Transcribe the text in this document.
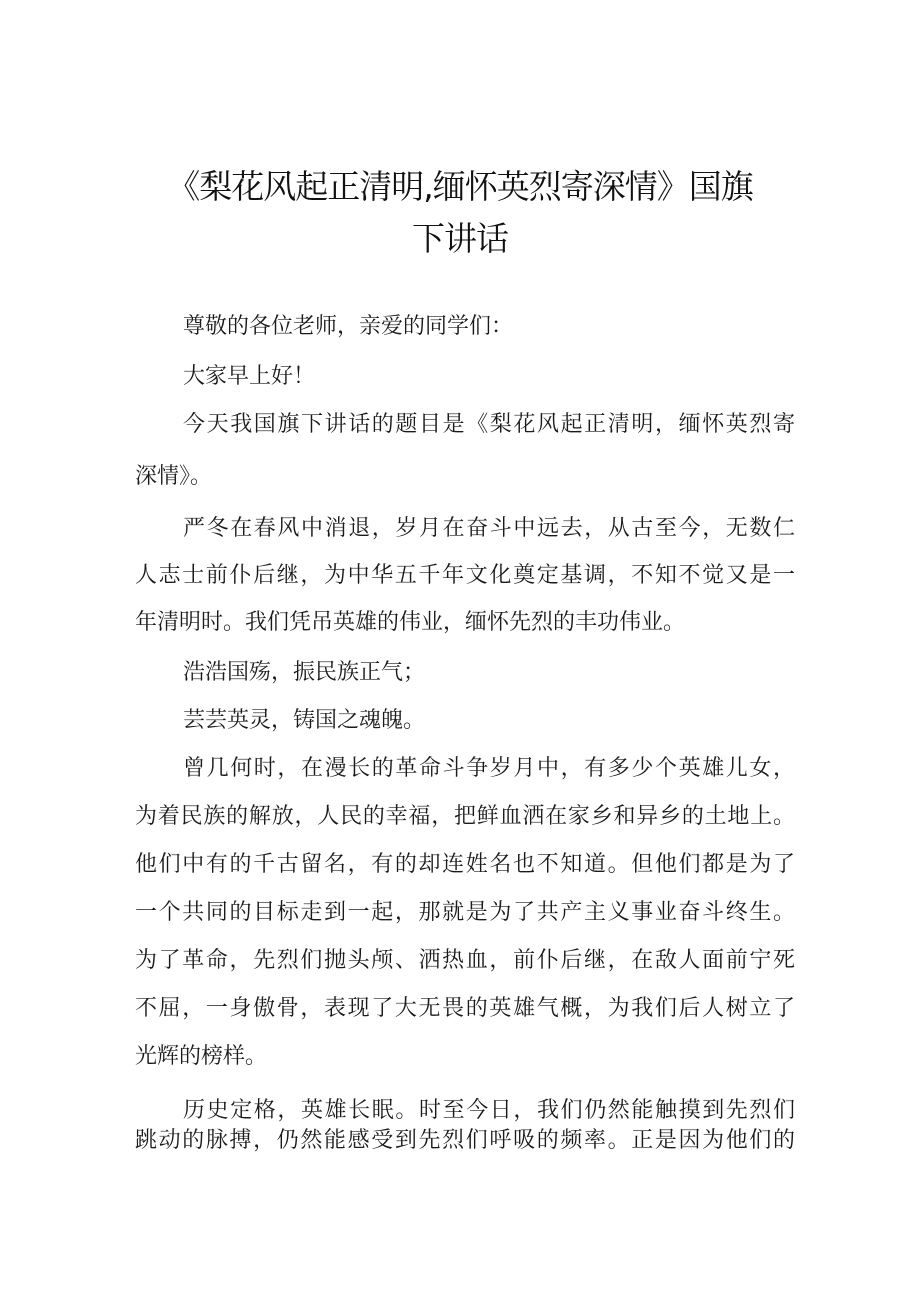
《梨花风起正清明,缅怀英烈寄深情》国旗
下讲话
尊敬的各位老师，亲爱的同学们：
大家早上好！
今天我国旗下讲话的题目是《梨花风起正清明，缅怀英烈寄
深情》。
严冬在春风中消退，岁月在奋斗中远去，从古至今，无数仁
人志士前仆后继，为中华五千年文化奠定基调，不知不觉又是一
年清明时。我们凭吊英雄的伟业，缅怀先烈的丰功伟业。
浩浩国殇，振民族正气；
芸芸英灵，铸国之魂魄。
曾几何时，在漫长的革命斗争岁月中，有多少个英雄儿女，
为着民族的解放，人民的幸福，把鲜血洒在家乡和异乡的土地上。
他们中有的千古留名，有的却连姓名也不知道。但他们都是为了
一个共同的目标走到一起，那就是为了共产主义事业奋斗终生。
为了革命，先烈们抛头颅、洒热血，前仆后继，在敌人面前宁死
不屈，一身傲骨，表现了大无畏的英雄气概，为我们后人树立了
光辉的榜样。
历史定格，英雄长眠。时至今日，我们仍然能触摸到先烈们
跳动的脉搏，仍然能感受到先烈们呼吸的频率。正是因为他们的
